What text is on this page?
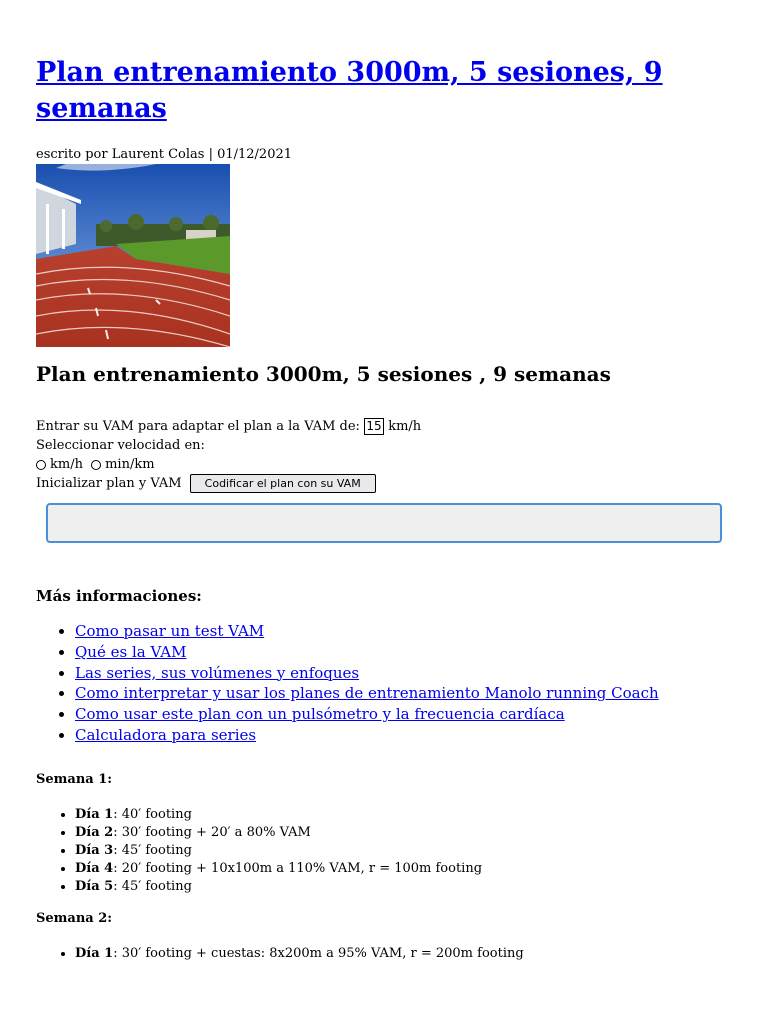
Plan entrenamiento 3000m, 5 sesiones, 9 semanas
escrito por Laurent Colas | 01/12/2021
Plan entrenamiento 3000m, 5 sesiones , 9 semanas
Entrar su VAM para adaptar el plan a la VAM de: 15 km/h
Seleccionar velocidad en:
km/h min/km
Inicializar plan y VAM Codificar el plan con su VAM
Más informaciones:
• Como pasar un test VAM
• Qué es la VAM
• Las series, sus volúmenes y enfoques
• Como interpretar y usar los planes de entrenamiento Manolo running Coach
• Como usar este plan con un pulsómetro y la frecuencia cardíaca
• Calculadora para series
Semana 1:
• Día 1: 40′ footing
• Día 2: 30′ footing + 20′ a 80% VAM
• Día 3: 45′ footing
• Día 4: 20′ footing + 10x100m a 110% VAM, r = 100m footing
• Día 5: 45′ footing
Semana 2:
• Día 1: 30′ footing + cuestas: 8x200m a 95% VAM, r = 200m footing
